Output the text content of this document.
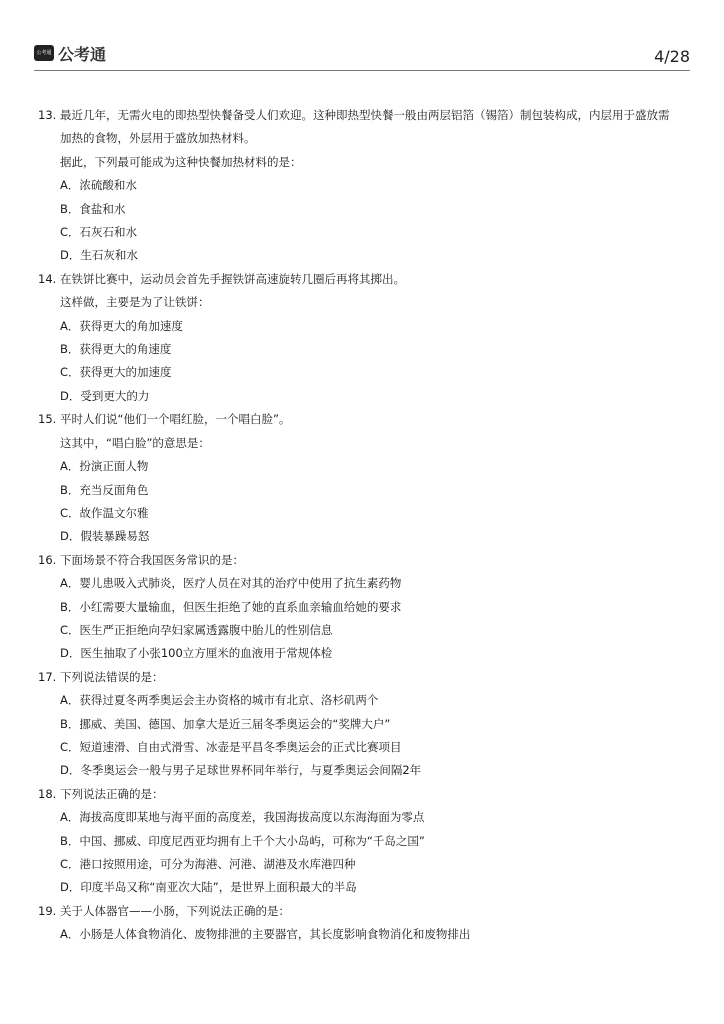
公考通 公考通	4/28
13. 最近几年，无需火电的即热型快餐备受人们欢迎。这种即热型快餐一般由两层铝箔（锡箔）制包装构成，内层用于盛放需
加热的食物，外层用于盛放加热材料。
据此，下列最可能成为这种快餐加热材料的是：
A．浓硫酸和水
B．食盐和水
C．石灰石和水
D．生石灰和水
14. 在铁饼比赛中，运动员会首先手握铁饼高速旋转几圈后再将其掷出。
这样做，主要是为了让铁饼：
A．获得更大的角加速度
B．获得更大的角速度
C．获得更大的加速度
D．受到更大的力
15. 平时人们说“他们一个唱红脸，一个唱白脸”。
这其中，“唱白脸”的意思是：
A．扮演正面人物
B．充当反面角色
C．故作温文尔雅
D．假装暴躁易怒
16. 下面场景不符合我国医务常识的是：
A．婴儿患吸入式肺炎，医疗人员在对其的治疗中使用了抗生素药物
B．小红需要大量输血，但医生拒绝了她的直系血亲输血给她的要求
C．医生严正拒绝向孕妇家属透露腹中胎儿的性别信息
D．医生抽取了小张100立方厘米的血液用于常规体检
17. 下列说法错误的是：
A．获得过夏冬两季奥运会主办资格的城市有北京、洛杉矶两个
B．挪威、美国、德国、加拿大是近三届冬季奥运会的“奖牌大户”
C．短道速滑、自由式滑雪、冰壶是平昌冬季奥运会的正式比赛项目
D．冬季奥运会一般与男子足球世界杯同年举行，与夏季奥运会间隔2年
18. 下列说法正确的是：
A．海拔高度即某地与海平面的高度差，我国海拔高度以东海海面为零点
B．中国、挪威、印度尼西亚均拥有上千个大小岛屿，可称为“千岛之国”
C．港口按照用途，可分为海港、河港、湖港及水库港四种
D．印度半岛又称“南亚次大陆”，是世界上面积最大的半岛
19. 关于人体器官——小肠，下列说法正确的是：
A．小肠是人体食物消化、废物排泄的主要器官，其长度影响食物消化和废物排出
